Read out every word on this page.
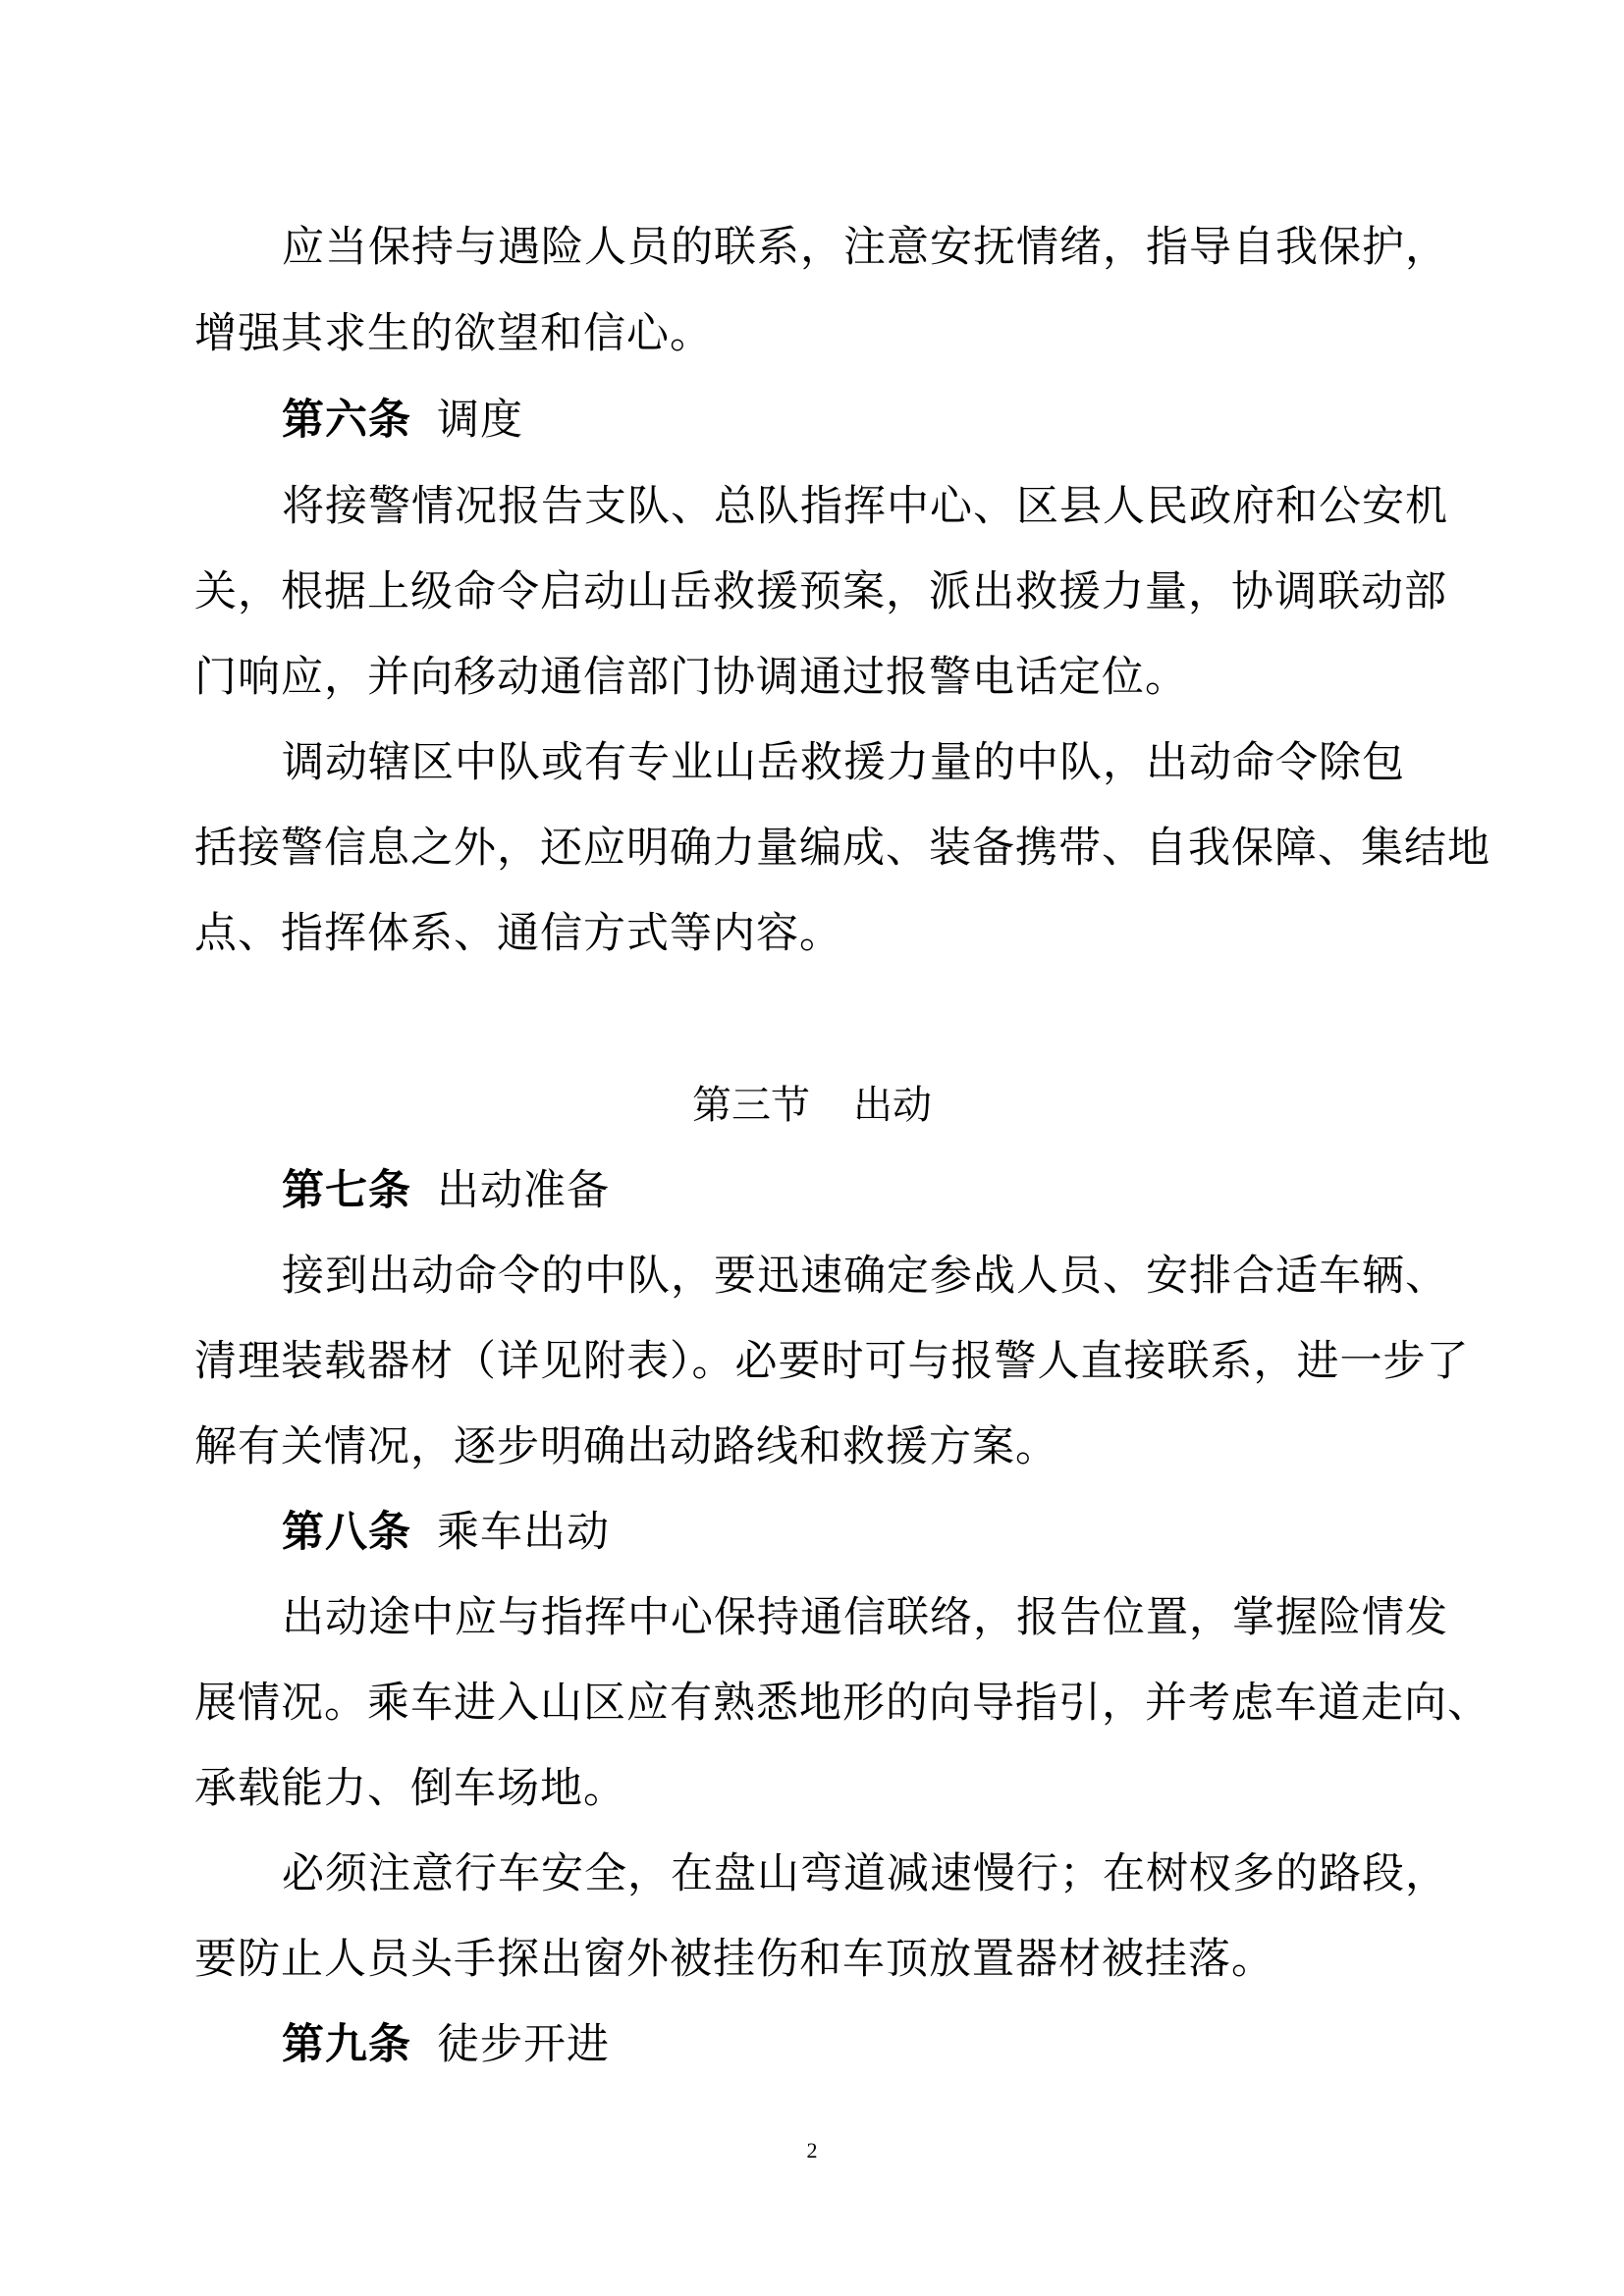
应当保持与遇险人员的联系，注意安抚情绪，指导自我保护，
增强其求生的欲望和信心。
第六条 调度
将接警情况报告支队、总队指挥中心、区县人民政府和公安机
关，根据上级命令启动山岳救援预案，派出救援力量，协调联动部
门响应，并向移动通信部门协调通过报警电话定位。
调动辖区中队或有专业山岳救援力量的中队，出动命令除包
括接警信息之外，还应明确力量编成、装备携带、自我保障、集结地
点、指挥体系、通信方式等内容。
第三节 出动
第七条 出动准备
接到出动命令的中队，要迅速确定参战人员、安排合适车辆、
清理装载器材（详见附表）。必要时可与报警人直接联系，进一步了
解有关情况，逐步明确出动路线和救援方案。
第八条 乘车出动
出动途中应与指挥中心保持通信联络，报告位置，掌握险情发
展情况。乘车进入山区应有熟悉地形的向导指引，并考虑车道走向、
承载能力、倒车场地。
必须注意行车安全，在盘山弯道减速慢行；在树杈多的路段，
要防止人员头手探出窗外被挂伤和车顶放置器材被挂落。
第九条 徒步开进
2
